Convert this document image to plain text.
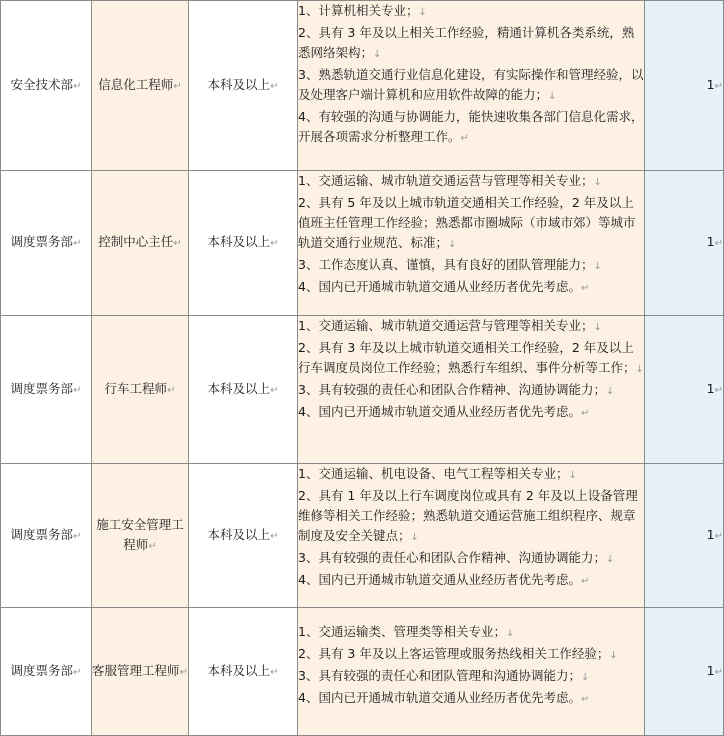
安全技术部↵	信息化工程师↵	本科及以上↵	1、计算机相关专业；↓
2、具有 3 年及以上相关工作经验，精通计算机各类系统，熟悉网络架构；↓
3、熟悉轨道交通行业信息化建设，有实际操作和管理经验，以及处理客户端计算机和应用软件故障的能力；↓
4、有较强的沟通与协调能力，能快速收集各部门信息化需求，开展各项需求分析整理工作。↵	1↵
调度票务部↵	控制中心主任↵	本科及以上↵	1、交通运输、城市轨道交通运营与管理等相关专业；↓
2、具有 5 年及以上城市轨道交通相关工作经验，2 年及以上值班主任管理工作经验；熟悉都市圈城际（市域市郊）等城市轨道交通行业规范、标准；↓
3、工作态度认真、谨慎，具有良好的团队管理能力；↓
4、国内已开通城市轨道交通从业经历者优先考虑。↵	1↵
调度票务部↵	行车工程师↵	本科及以上↵	1、交通运输、城市轨道交通运营与管理等相关专业；↓
2、具有 3 年及以上城市轨道交通相关工作经验，2 年及以上行车调度员岗位工作经验；熟悉行车组织、事件分析等工作；↓
3、具有较强的责任心和团队合作精神、沟通协调能力；↓
4、国内已开通城市轨道交通从业经历者优先考虑。↵	1↵
调度票务部↵	施工安全管理工程师↵	本科及以上↵	1、交通运输、机电设备、电气工程等相关专业；↓
2、具有 1 年及以上行车调度岗位或具有 2 年及以上设备管理维修等相关工作经验；熟悉轨道交通运营施工组织程序、规章制度及安全关键点；↓
3、具有较强的责任心和团队合作精神、沟通协调能力；↓
4、国内已开通城市轨道交通从业经历者优先考虑。↵	1↵
调度票务部↵	客服管理工程师↵	本科及以上↵	1、交通运输类、管理类等相关专业；↓
2、具有 3 年及以上客运管理或服务热线相关工作经验；↓
3、具有较强的责任心和团队管理和沟通协调能力；↓
4、国内已开通城市轨道交通从业经历者优先考虑。↵	1↵
